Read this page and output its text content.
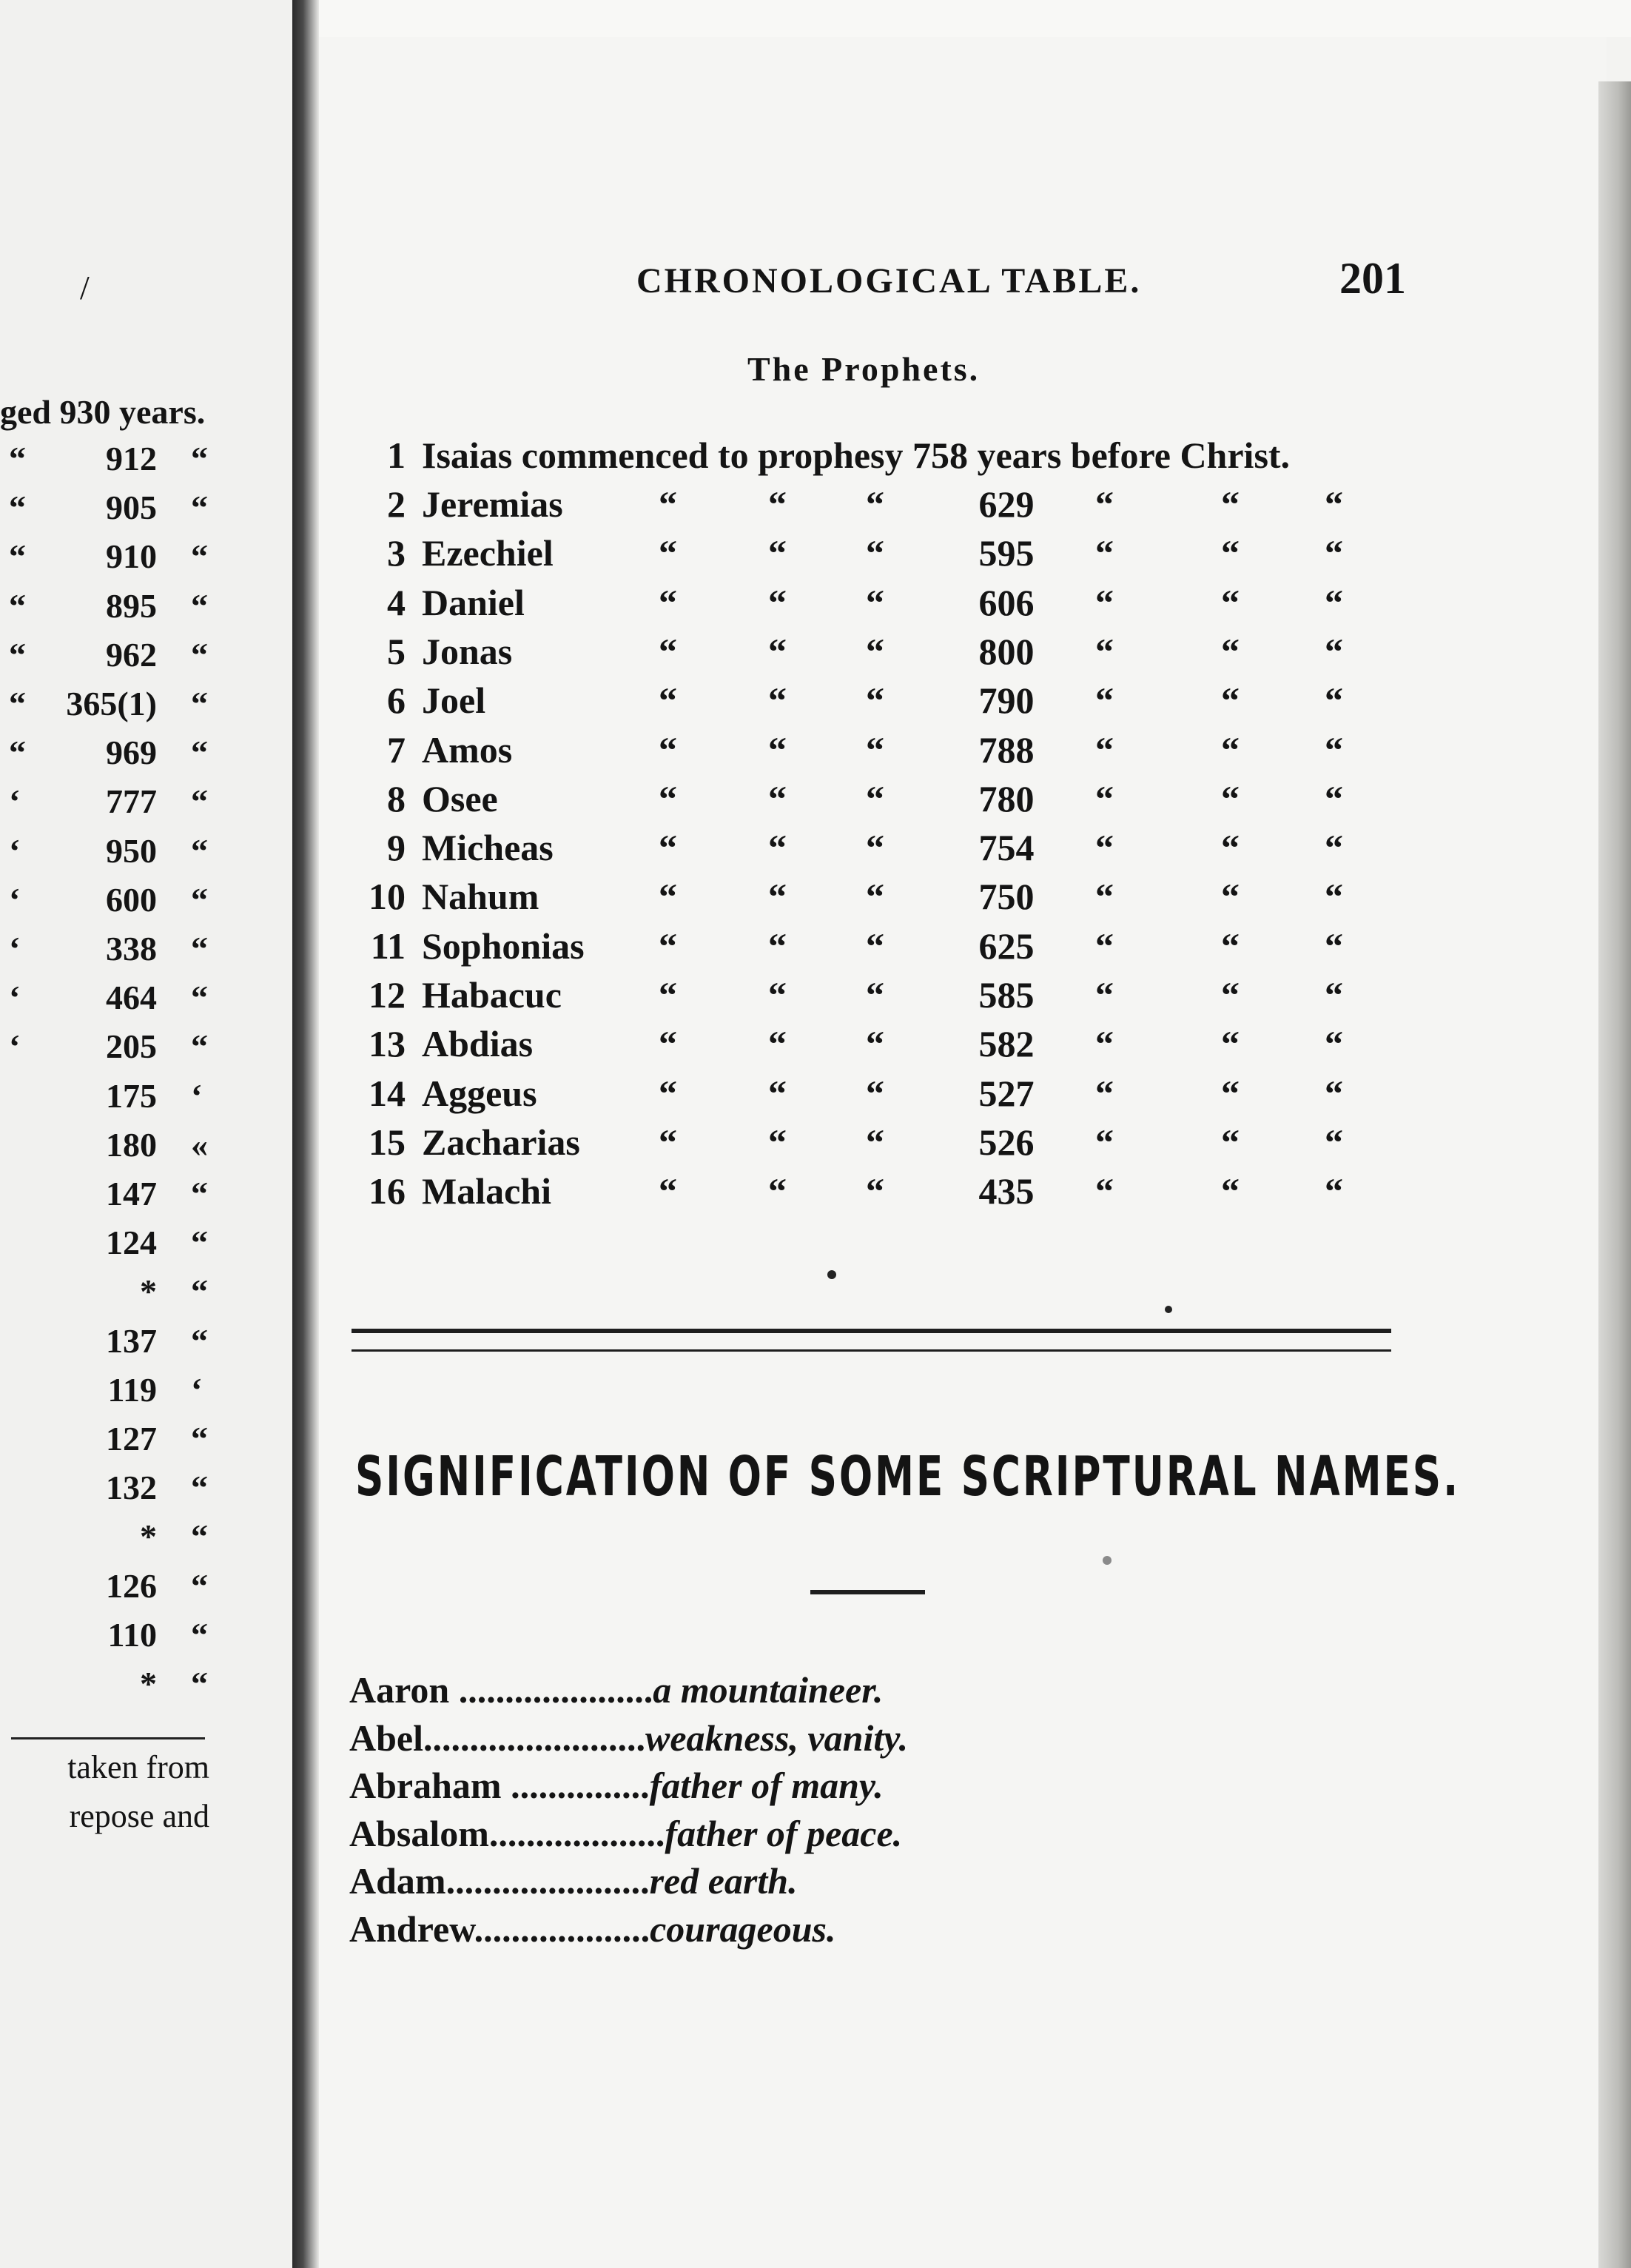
ged 930 years.
/
“	912 “
“	905 “
“	910 “
“	895 “
“	962 “
“	365(1) “
“	969 “
‘	777 “
‘	950 “
‘	600 “
‘	338 “
‘	464 “
‘	205 “
175 ‘
180 «
147 “
124 “
* “
137 “
119 ‘
127 “
132 “
* “
126 “
110 “
* “
taken from
repose and
CHRONOLOGICAL TABLE.	201
The Prophets.
1 Isaias commenced to prophesy 758 years before Christ.
2 Jeremias	“ “ “	629	“	“ “
3 Ezechiel	“ “ “	595	“	“ “
4 Daniel	“ “ “	606	“	“ “
5 Jonas	“ “ “	800	“	“ “
6 Joel	“ “ “	790	“	“ “
7 Amos	“ “ “	788	“	“ “
8 Osee	“ “ “	780	“	“ “
9 Micheas	“ “ “	754	“	“ “
10 Nahum	“ “ “	750	“	“ “
11 Sophonias “ “ “	625	“	“ “
12 Habacuc	“ “ “	585	“	“ “
13 Abdias	“ “ “	582	“	“ “
14 Aggeus	“ “ “	527	“	“ “
15 Zacharias “ “ “	526	“	“ “
16 Malachi	“ “ “	435	“	“ “
SIGNIFICATION OF SOME SCRIPTURAL NAMES.
Aaron .....................a mountaineer.
Abel........................weakness, vanity.
Abraham ...............father of many.
Absalom...................father of peace.
Adam......................red earth.
Andrew...................courageous.
